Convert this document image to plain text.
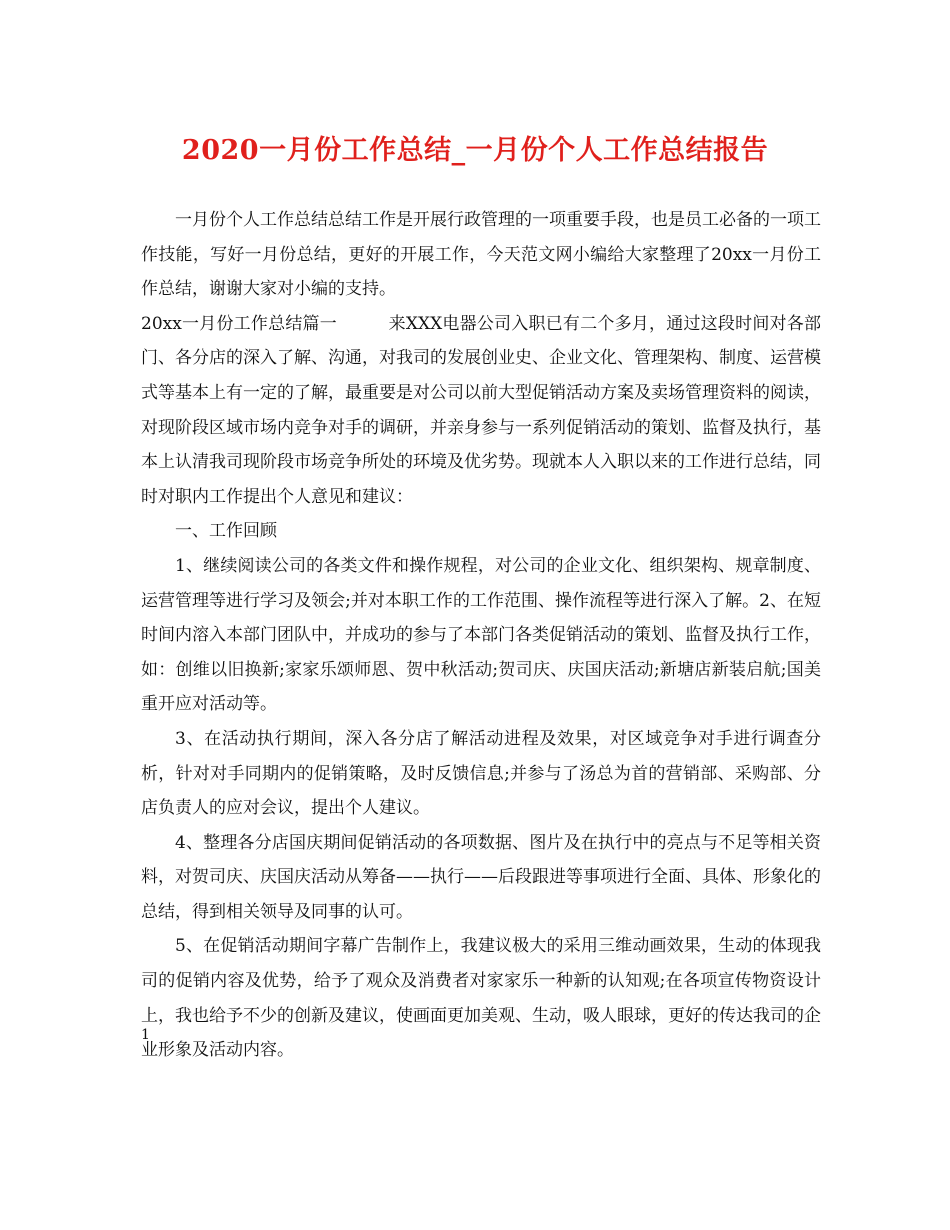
2020一月份工作总结_一月份个人工作总结报告

一月份个人工作总结总结工作是开展行政管理的一项重要手段，也是员工必备的一项工作技能，写好一月份总结，更好的开展工作，今天范文网小编给大家整理了20xx一月份工作总结，谢谢大家对小编的支持。

20xx一月份工作总结篇一　　　来XXX电器公司入职已有二个多月，通过这段时间对各部门、各分店的深入了解、沟通，对我司的发展创业史、企业文化、管理架构、制度、运营模式等基本上有一定的了解，最重要是对公司以前大型促销活动方案及卖场管理资料的阅读，对现阶段区域市场内竞争对手的调研，并亲身参与一系列促销活动的策划、监督及执行，基本上认清我司现阶段市场竞争所处的环境及优劣势。现就本人入职以来的工作进行总结，同时对职内工作提出个人意见和建议：

一、工作回顾

1、继续阅读公司的各类文件和操作规程，对公司的企业文化、组织架构、规章制度、运营管理等进行学习及领会;并对本职工作的工作范围、操作流程等进行深入了解。2、在短时间内溶入本部门团队中，并成功的参与了本部门各类促销活动的策划、监督及执行工作，如：创维以旧换新;家家乐颂师恩、贺中秋活动;贺司庆、庆国庆活动;新塘店新装启航;国美重开应对活动等。

3、在活动执行期间，深入各分店了解活动进程及效果，对区域竞争对手进行调查分析，针对对手同期内的促销策略，及时反馈信息;并参与了汤总为首的营销部、采购部、分店负责人的应对会议，提出个人建议。

4、整理各分店国庆期间促销活动的各项数据、图片及在执行中的亮点与不足等相关资料，对贺司庆、庆国庆活动从筹备——执行——后段跟进等事项进行全面、具体、形象化的总结，得到相关领导及同事的认可。

5、在促销活动期间字幕广告制作上，我建议极大的采用三维动画效果，生动的体现我司的促销内容及优势，给予了观众及消费者对家家乐一种新的认知观;在各项宣传物资设计上，我也给予不少的创新及建议，使画面更加美观、生动，吸人眼球，更好的传达我司的企业形象及活动内容。

1
